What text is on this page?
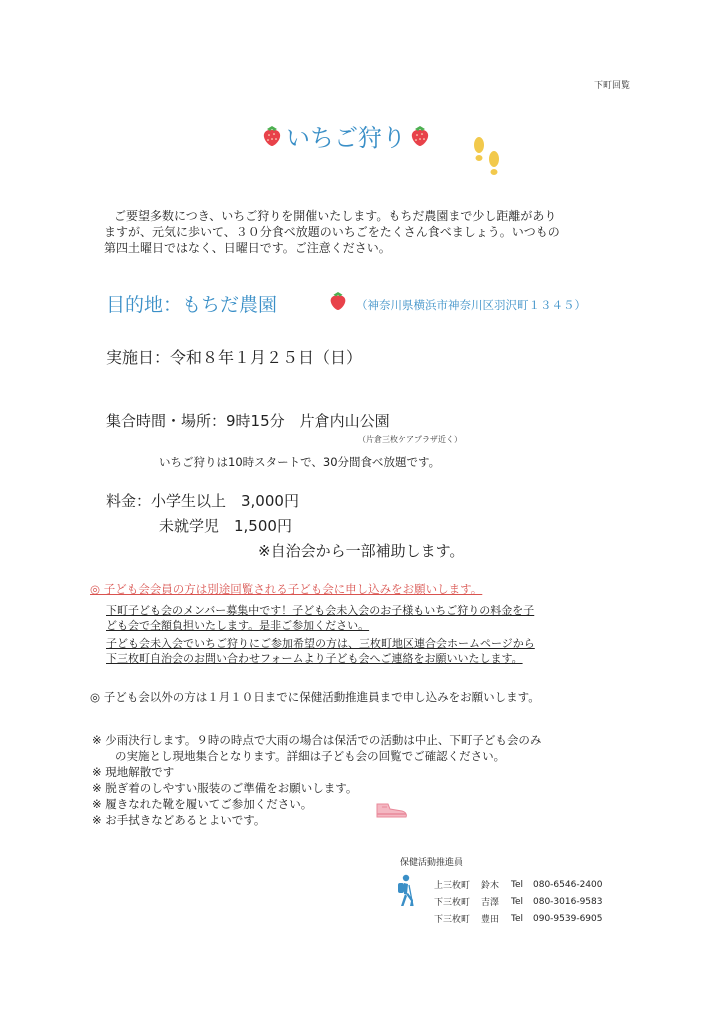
下町回覧
いちご狩り
ご要望多数につき、いちご狩りを開催いたします。もちだ農園まで少し距離があり
ますが、元気に歩いて、３０分食べ放題のいちごをたくさん食べましょう。いつもの
第四土曜日ではなく、日曜日です。ご注意ください。
目的地：もちだ農園	（神奈川県横浜市神奈川区羽沢町１３４５）
実施日：令和８年１月２５日（日）
集合時間・場所：9時15分　片倉内山公園
（片倉三枚ケアプラザ近く）
いちご狩りは10時スタートで、30分間食べ放題です。
料金：小学生以上　3,000円
未就学児　1,500円
※自治会から一部補助します。
◎ 子ども会会員の方は別途回覧される子ども会に申し込みをお願いします。
下町子ども会のメンバー募集中です！子ども会未入会のお子様もいちご狩りの料金を子
ども会で全額負担いたします。是非ご参加ください。
子ども会未入会でいちご狩りにご参加希望の方は、三枚町地区連合会ホームページから
下三枚町自治会のお問い合わせフォームより子ども会へご連絡をお願いいたします。
◎ 子ども会以外の方は１月１０日までに保健活動推進員まで申し込みをお願いします。
※ 少雨決行します。９時の時点で大雨の場合は保活での活動は中止、下町子ども会のみ
　　の実施とし現地集合となります。詳細は子ども会の回覧でご確認ください。
※ 現地解散です
※ 脱ぎ着のしやすい服装のご準備をお願いします。
※ 履きなれた靴を履いてご参加ください。
※ お手拭きなどあるとよいです。
保健活動推進員
上三枚町	鈴木	Tel	080-6546-2400
下三枚町	吉澤	Tel	080-3016-9583
下三枚町	豊田	Tel	090-9539-6905
